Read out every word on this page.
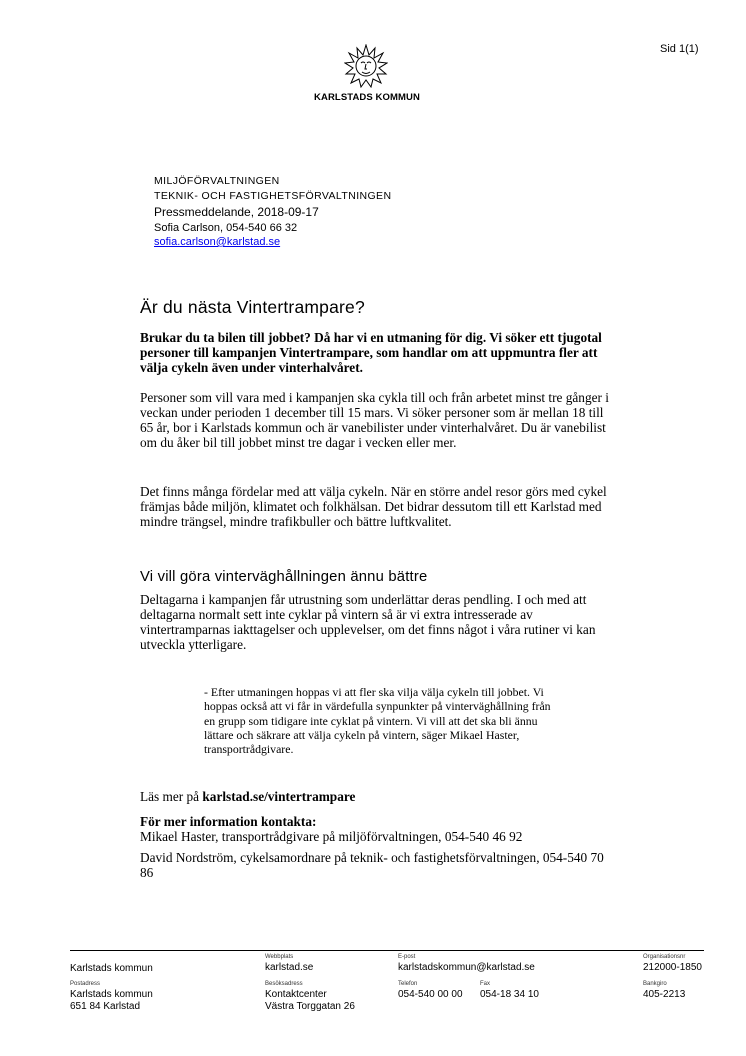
Sid 1(1)
KARLSTADS KOMMUN
MILJÖFÖRVALTNINGEN
TEKNIK- OCH FASTIGHETSFÖRVALTNINGEN
Pressmeddelande, 2018-09-17
Sofia Carlson, 054-540 66 32
sofia.carlson@karlstad.se
Är du nästa Vintertrampare?

Brukar du ta bilen till jobbet? Då har vi en utmaning för dig. Vi söker ett tjugotal personer till kampanjen Vintertrampare, som handlar om att uppmuntra fler att välja cykeln även under vinterhalvåret.

Personer som vill vara med i kampanjen ska cykla till och från arbetet minst tre gånger i veckan under perioden 1 december till 15 mars. Vi söker personer som är mellan 18 till 65 år, bor i Karlstads kommun och är vanebilister under vinterhalvåret. Du är vanebilist om du åker bil till jobbet minst tre dagar i vecken eller mer.

Det finns många fördelar med att välja cykeln. När en större andel resor görs med cykel främjas både miljön, klimatet och folkhälsan. Det bidrar dessutom till ett Karlstad med mindre trängsel, mindre trafikbuller och bättre luftkvalitet.

Vi vill göra vinterväghållningen ännu bättre

Deltagarna i kampanjen får utrustning som underlättar deras pendling. I och med att deltagarna normalt sett inte cyklar på vintern så är vi extra intresserade av vintertramparnas iakttagelser och upplevelser, om det finns något i våra rutiner vi kan utveckla ytterligare.

- Efter utmaningen hoppas vi att fler ska vilja välja cykeln till jobbet. Vi hoppas också att vi får in värdefulla synpunkter på vinterväghållning från en grupp som tidigare inte cyklat på vintern. Vi vill att det ska bli ännu lättare och säkrare att välja cykeln på vintern, säger Mikael Haster, transportrådgivare.

Läs mer på karlstad.se/vintertrampare

För mer information kontakta:

Mikael Haster, transportrådgivare på miljöförvaltningen, 054-540 46 92

David Nordström, cykelsamordnare på teknik- och fastighetsförvaltningen, 054-540 70 86

Karlstads kommun
Webbplats
karlstad.se
E-post
karlstadskommun@karlstad.se
Organisationsnr
212000-1850
Postadress
Karlstads kommun
651 84 Karlstad
Besöksadress
Kontaktcenter
Västra Torggatan 26
Telefon
054-540 00 00
Fax
054-18 34 10
Bankgiro
405-2213
